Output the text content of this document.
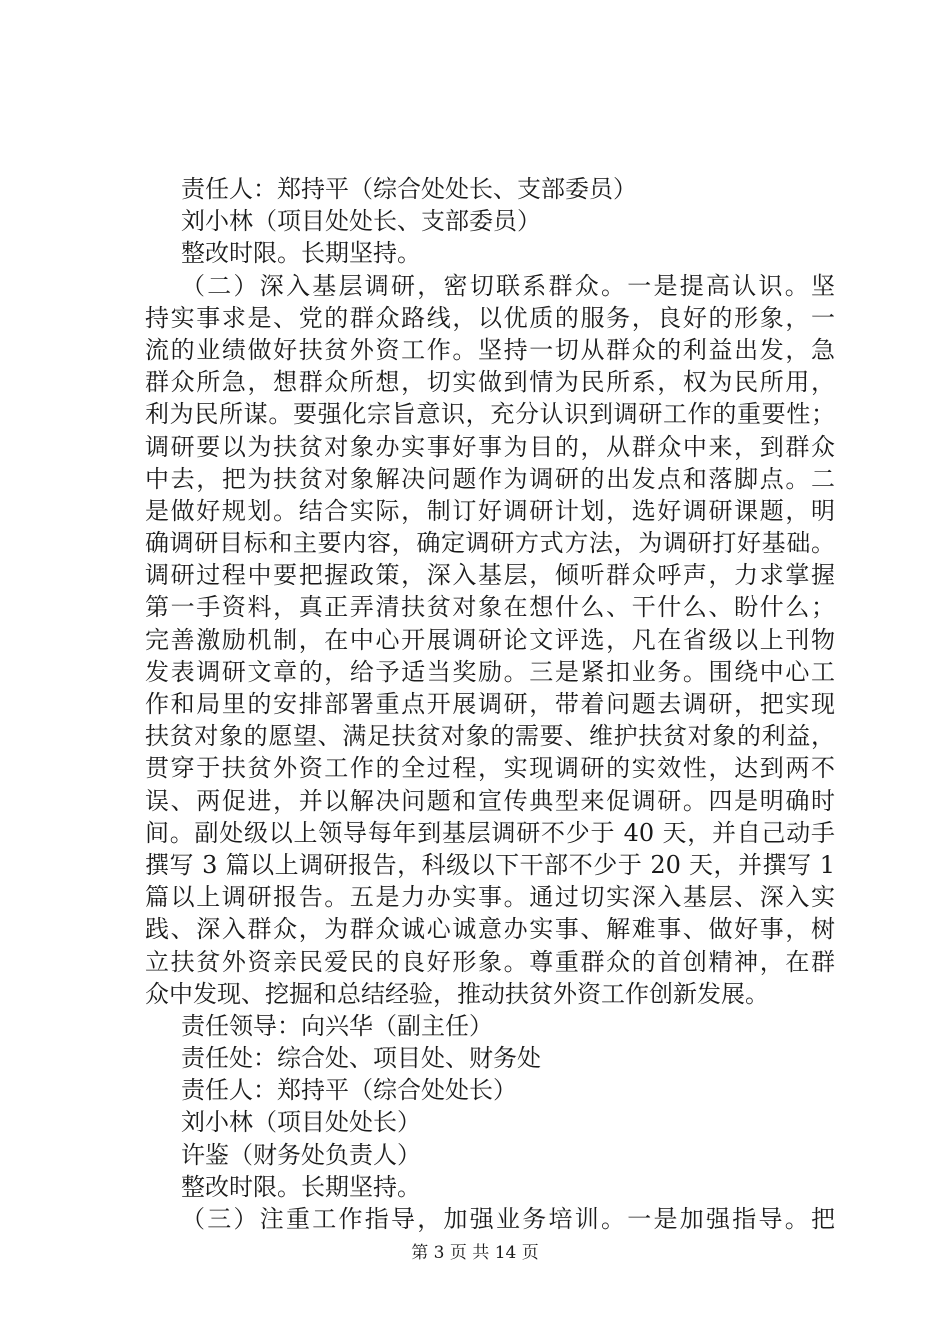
责任人：郑持平（综合处处长、支部委员）
刘小林（项目处处长、支部委员）
整改时限。长期坚持。
（二）深入基层调研，密切联系群众。一是提高认识。坚
持实事求是、党的群众路线，以优质的服务，良好的形象，一
流的业绩做好扶贫外资工作。坚持一切从群众的利益出发，急
群众所急，想群众所想，切实做到情为民所系，权为民所用，
利为民所谋。要强化宗旨意识，充分认识到调研工作的重要性；
调研要以为扶贫对象办实事好事为目的，从群众中来，到群众
中去，把为扶贫对象解决问题作为调研的出发点和落脚点。二
是做好规划。结合实际，制订好调研计划，选好调研课题，明
确调研目标和主要内容，确定调研方式方法，为调研打好基础。
调研过程中要把握政策，深入基层，倾听群众呼声，力求掌握
第一手资料，真正弄清扶贫对象在想什么、干什么、盼什么；
完善激励机制，在中心开展调研论文评选，凡在省级以上刊物
发表调研文章的，给予适当奖励。三是紧扣业务。围绕中心工
作和局里的安排部署重点开展调研，带着问题去调研，把实现
扶贫对象的愿望、满足扶贫对象的需要、维护扶贫对象的利益，
贯穿于扶贫外资工作的全过程，实现调研的实效性，达到两不
误、两促进，并以解决问题和宣传典型来促调研。四是明确时
间。副处级以上领导每年到基层调研不少于 40 天，并自己动手
撰写 3 篇以上调研报告，科级以下干部不少于 20 天，并撰写 1
篇以上调研报告。五是力办实事。通过切实深入基层、深入实
践、深入群众，为群众诚心诚意办实事、解难事、做好事，树
立扶贫外资亲民爱民的良好形象。尊重群众的首创精神，在群
众中发现、挖掘和总结经验，推动扶贫外资工作创新发展。
责任领导：向兴华（副主任）
责任处：综合处、项目处、财务处
责任人：郑持平（综合处处长）
刘小林（项目处处长）
许鉴（财务处负责人）
整改时限。长期坚持。
（三）注重工作指导，加强业务培训。一是加强指导。把
第 3 页 共 14 页
